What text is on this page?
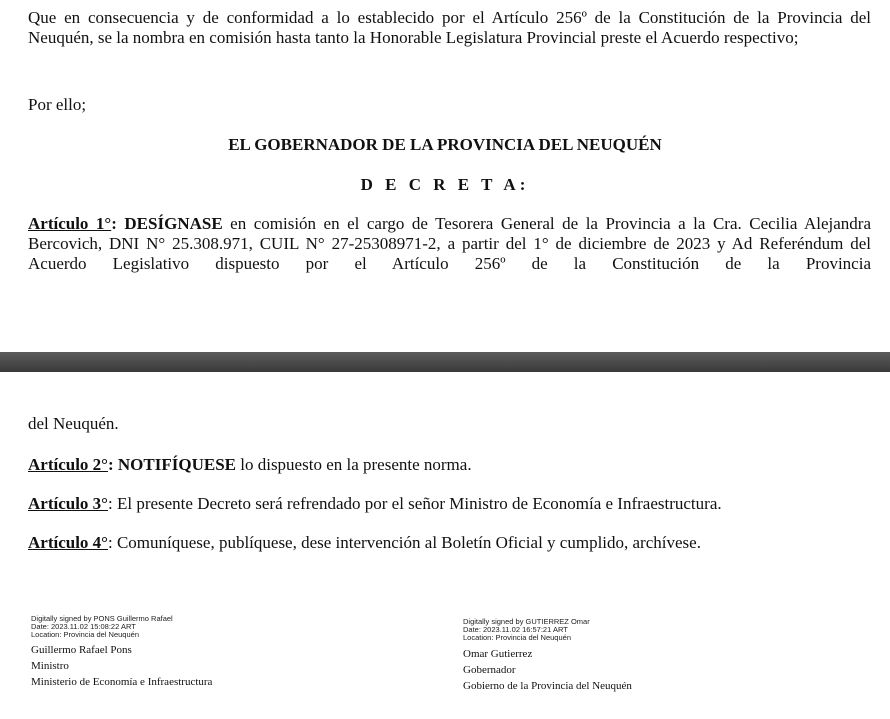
Que en consecuencia y de conformidad a lo establecido por el Artículo 256º de la Constitución de la Provincia del Neuquén, se la nombra en comisión hasta tanto la Honorable Legislatura Provincial preste el Acuerdo respectivo;

Por ello;

EL GOBERNADOR DE LA PROVINCIA DEL NEUQUÉN

D E C R E T A:

Artículo 1°: DESÍGNASE en comisión en el cargo de Tesorera General de la Provincia a la Cra. Cecilia Alejandra Bercovich, DNI N° 25.308.971, CUIL N° 27-25308971-2, a partir del 1° de diciembre de 2023 y Ad Referéndum del Acuerdo Legislativo dispuesto por el Artículo 256º de la Constitución de la Provincia

del Neuquén.

Artículo 2°: NOTIFÍQUESE lo dispuesto en la presente norma.

Artículo 3°: El presente Decreto será refrendado por el señor Ministro de Economía e Infraestructura.

Artículo 4°: Comuníquese, publíquese, dese intervención al Boletín Oficial y cumplido, archívese.

Digitally signed by PONS Guillermo Rafael
Date: 2023.11.02 15:08:22 ART
Location: Provincia del Neuquén
Guillermo Rafael Pons
Ministro
Ministerio de Economía e Infraestructura
Digitally signed by GUTIERREZ Omar
Date: 2023.11.02 16:57:21 ART
Location: Provincia del Neuquén
Omar Gutierrez
Gobernador
Gobierno de la Provincia del Neuquén
